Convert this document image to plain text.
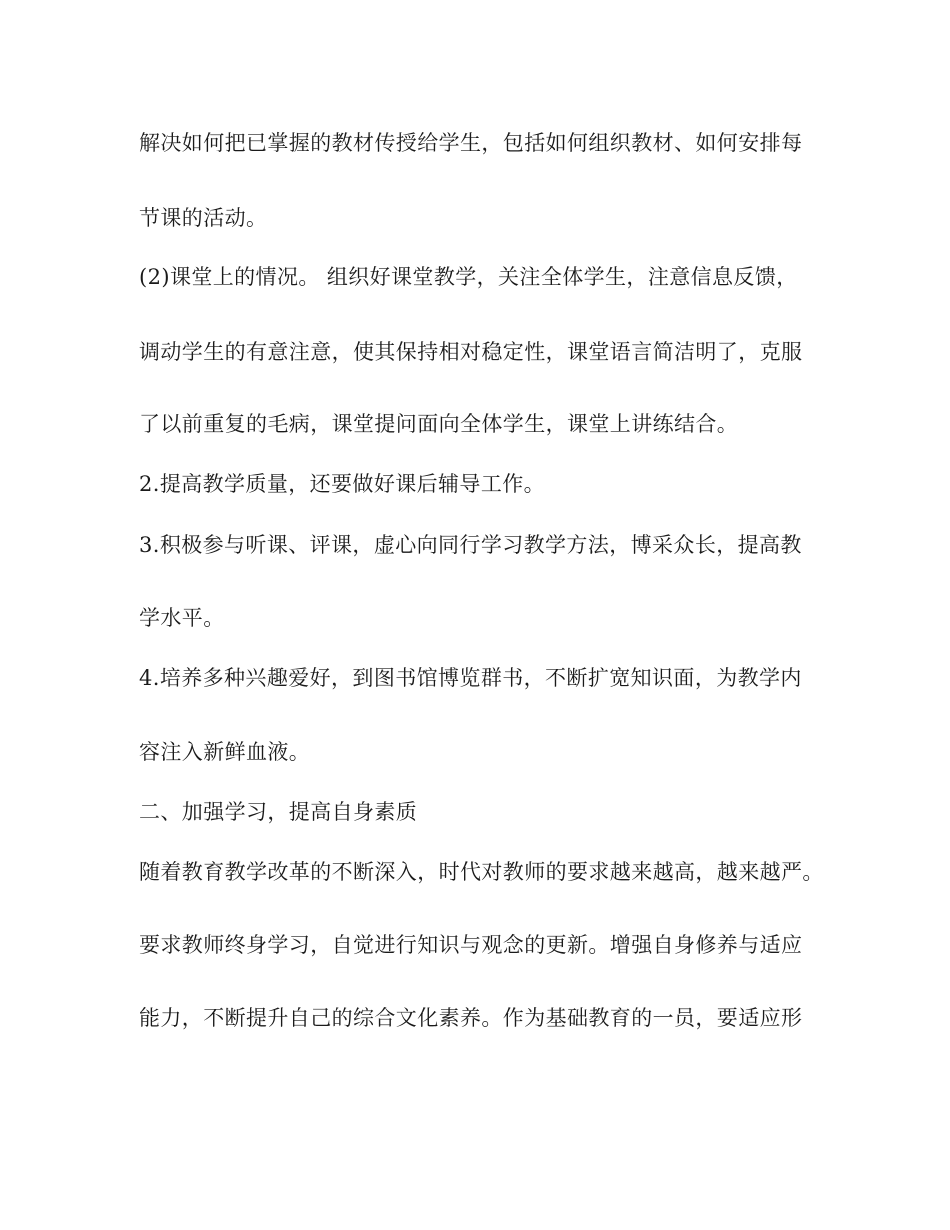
解决如何把已掌握的教材传授给学生，包括如何组织教材、如何安排每

节课的活动。

(2)课堂上的情况。 组织好课堂教学，关注全体学生，注意信息反馈，

调动学生的有意注意，使其保持相对稳定性，课堂语言简洁明了，克服

了以前重复的毛病，课堂提问面向全体学生，课堂上讲练结合。

2.提高教学质量，还要做好课后辅导工作。

3.积极参与听课、评课，虚心向同行学习教学方法，博采众长，提高教

学水平。

4.培养多种兴趣爱好，到图书馆博览群书，不断扩宽知识面，为教学内

容注入新鲜血液。

二、加强学习，提高自身素质

随着教育教学改革的不断深入，时代对教师的要求越来越高，越来越严。

要求教师终身学习，自觉进行知识与观念的更新。增强自身修养与适应

能力，不断提升自己的综合文化素养。作为基础教育的一员，要适应形
